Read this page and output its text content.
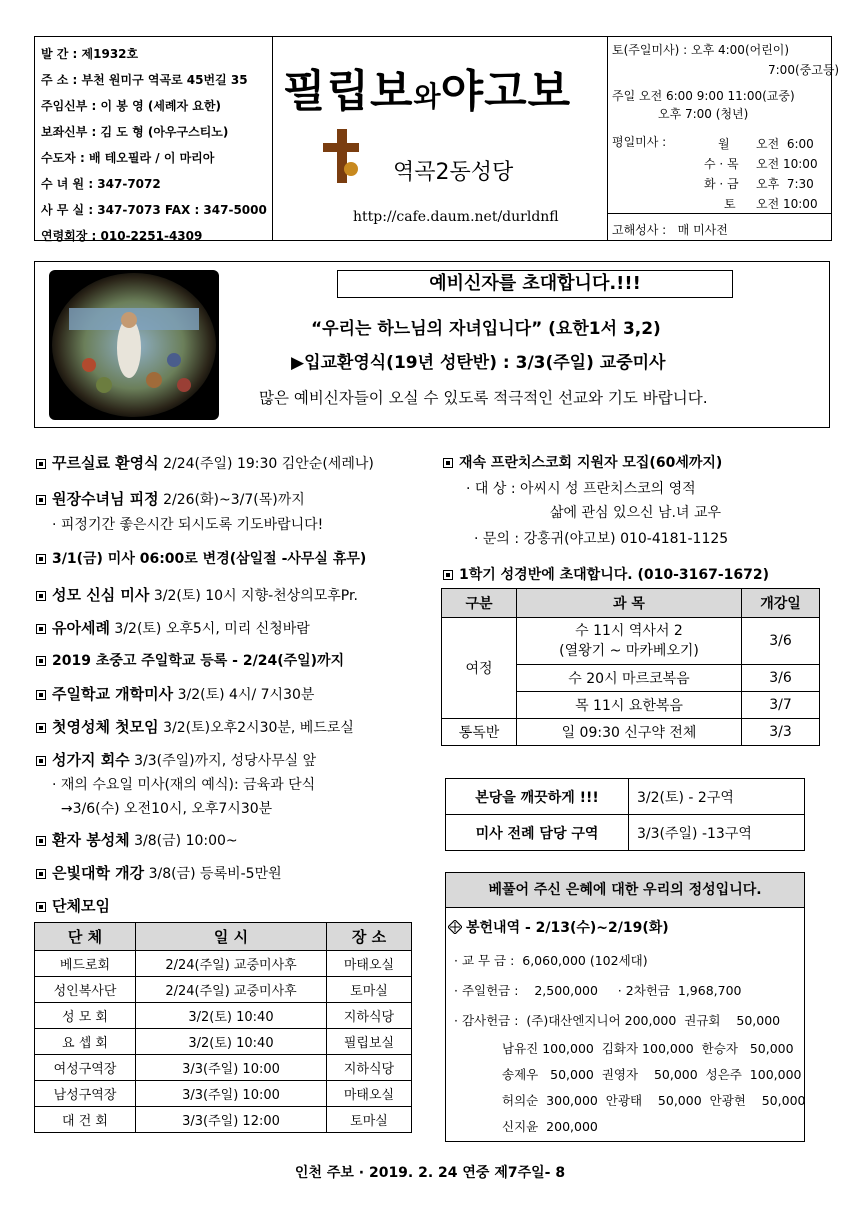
발 간 : 제1932호
주 소 : 부천 원미구 역곡로 45번길 35
주임신부 : 이 봉 영 (세례자 요한)
보좌신부 : 김 도 형 (아우구스티노)
수도자 : 배 테오필라 / 이 마리아
수 녀 원 : 347-7072
사 무 실 : 347-7073 FAX : 347-5000
연령회장 : 010-2251-4309
필립보와야고보
역곡2동성당
http://cafe.daum.net/durldnfl
토(주일미사) : 오후 4:00(어린이)
7:00(중고등)
주일 오전 6:00 9:00 11:00(교중)
오후 7:00 (청년)
평일미사 :	월 오전  6:00
수 · 목 오전 10:00
화 · 금 오후  7:30
토 오전 10:00
고해성사 :   매 미사전
예비신자를 초대합니다.!!!
“우리는 하느님의 자녀입니다” (요한1서 3,2)
▶입교환영식(19년 성탄반) : 3/3(주일) 교중미사
많은 예비신자들이 오실 수 있도록 적극적인 선교와 기도 바랍니다.
꾸르실료 환영식 2/24(주일) 19:30 김안순(세레나)
원장수녀님 피정 2/26(화)~3/7(목)까지
· 피정기간 좋은시간 되시도록 기도바랍니다!
3/1(금) 미사 06:00로 변경(삼일절 -사무실 휴무)
성모 신심 미사 3/2(토) 10시 지향-천상의모후Pr.
유아세례 3/2(토) 오후5시, 미리 신청바람
2019 초중고 주일학교 등록 - 2/24(주일)까지
주일학교 개학미사 3/2(토) 4시/ 7시30분
첫영성체 첫모임 3/2(토)오후2시30분, 베드로실
성가지 회수 3/3(주일)까지, 성당사무실 앞
· 재의 수요일 미사(재의 예식): 금육과 단식
→3/6(수) 오전10시, 오후7시30분
환자 봉성체 3/8(금) 10:00~
은빛대학 개강 3/8(금) 등록비-5만원
단체모임
단 체	일 시	장 소
베드로회	2/24(주일) 교중미사후	마태오실
성인복사단	2/24(주일) 교중미사후	토마실
성 모 회	3/2(토) 10:40	지하식당
요 셉 회	3/2(토) 10:40	필립보실
여성구역장	3/3(주일) 10:00	지하식당
남성구역장	3/3(주일) 10:00	마태오실
대 건 회	3/3(주일) 12:00	토마실
재속 프란치스코회 지원자 모집(60세까지)
· 대 상 : 아씨시 성 프란치스코의 영적
삶에 관심 있으신 남.녀 교우
· 문의 : 강홍귀(야고보) 010-4181-1125
1학기 성경반에 초대합니다. (010-3167-1672)
구분	과 목	개강일
여정	수 11시 역사서 2
(열왕기 ~ 마카베오기)	3/6
	수 20시 마르코복음	3/6
	목 11시 요한복음	3/7
통독반	일 09:30 신구약 전체	3/3
본당을 깨끗하게 !!!	3/2(토) - 2구역
미사 전례 담당 구역	3/3(주일) -13구역
베풀어 주신 은혜에 대한 우리의 정성입니다.
봉헌내역 - 2/13(수)~2/19(화)
· 교 무 금 :  6,060,000 (102세대)
· 주일헌금 :    2,500,000     · 2차헌금  1,968,700
· 감사헌금 :  (주)대산엔지니어 200,000  권규회    50,000
남유진 100,000  김화자 100,000  한승자   50,000
송제우   50,000  권영자    50,000  성은주  100,000
허의순  300,000  안광태    50,000  안광현    50,000
신지윤  200,000
인천 주보 · 2019. 2. 24 연중 제7주일- 8
